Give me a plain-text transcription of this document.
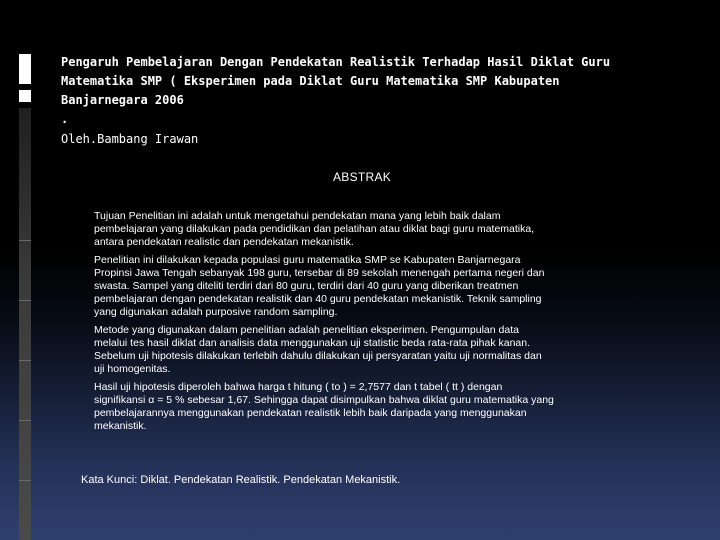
Pengaruh Pembelajaran Dengan Pendekatan Realistik Terhadap Hasil Diklat Guru
Matematika SMP ( Eksperimen pada Diklat Guru Matematika SMP Kabupaten
Banjarnegara 2006
.
Oleh.Bambang Irawan
ABSTRAK

Tujuan Penelitian ini adalah untuk mengetahui pendekatan mana yang lebih baik dalam
pembelajaran yang dilakukan pada pendidikan dan pelatihan atau diklat bagi guru matematika,
antara pendekatan realistic dan pendekatan mekanistik.

Penelitian ini dilakukan kepada populasi guru matematika SMP se Kabupaten Banjarnegara
Propinsi Jawa Tengah sebanyak 198 guru, tersebar di 89 sekolah menengah pertama negeri dan
swasta. Sampel yang diteliti terdiri dari 80 guru, terdiri dari 40 guru yang diberikan treatmen
pembelajaran dengan pendekatan realistik dan 40 guru pendekatan mekanistik. Teknik sampling
yang digunakan adalah purposive random sampling.

Metode yang digunakan dalam penelitian adalah penelitian eksperimen. Pengumpulan data
melalui tes hasil diklat dan analisis data menggunakan uji statistic beda rata-rata pihak kanan.
Sebelum uji hipotesis dilakukan terlebih dahulu dilakukan uji persyaratan yaitu uji normalitas dan
uji homogenitas.

Hasil uji hipotesis diperoleh bahwa harga t hitung ( to ) = 2,7577 dan t tabel ( tt ) dengan
signifikansi α = 5 % sebesar 1,67. Sehingga dapat disimpulkan bahwa diklat guru matematika yang
pembelajarannya menggunakan pendekatan realistik lebih baik daripada yang menggunakan
mekanistik.

Kata Kunci: Diklat. Pendekatan Realistik. Pendekatan Mekanistik.
